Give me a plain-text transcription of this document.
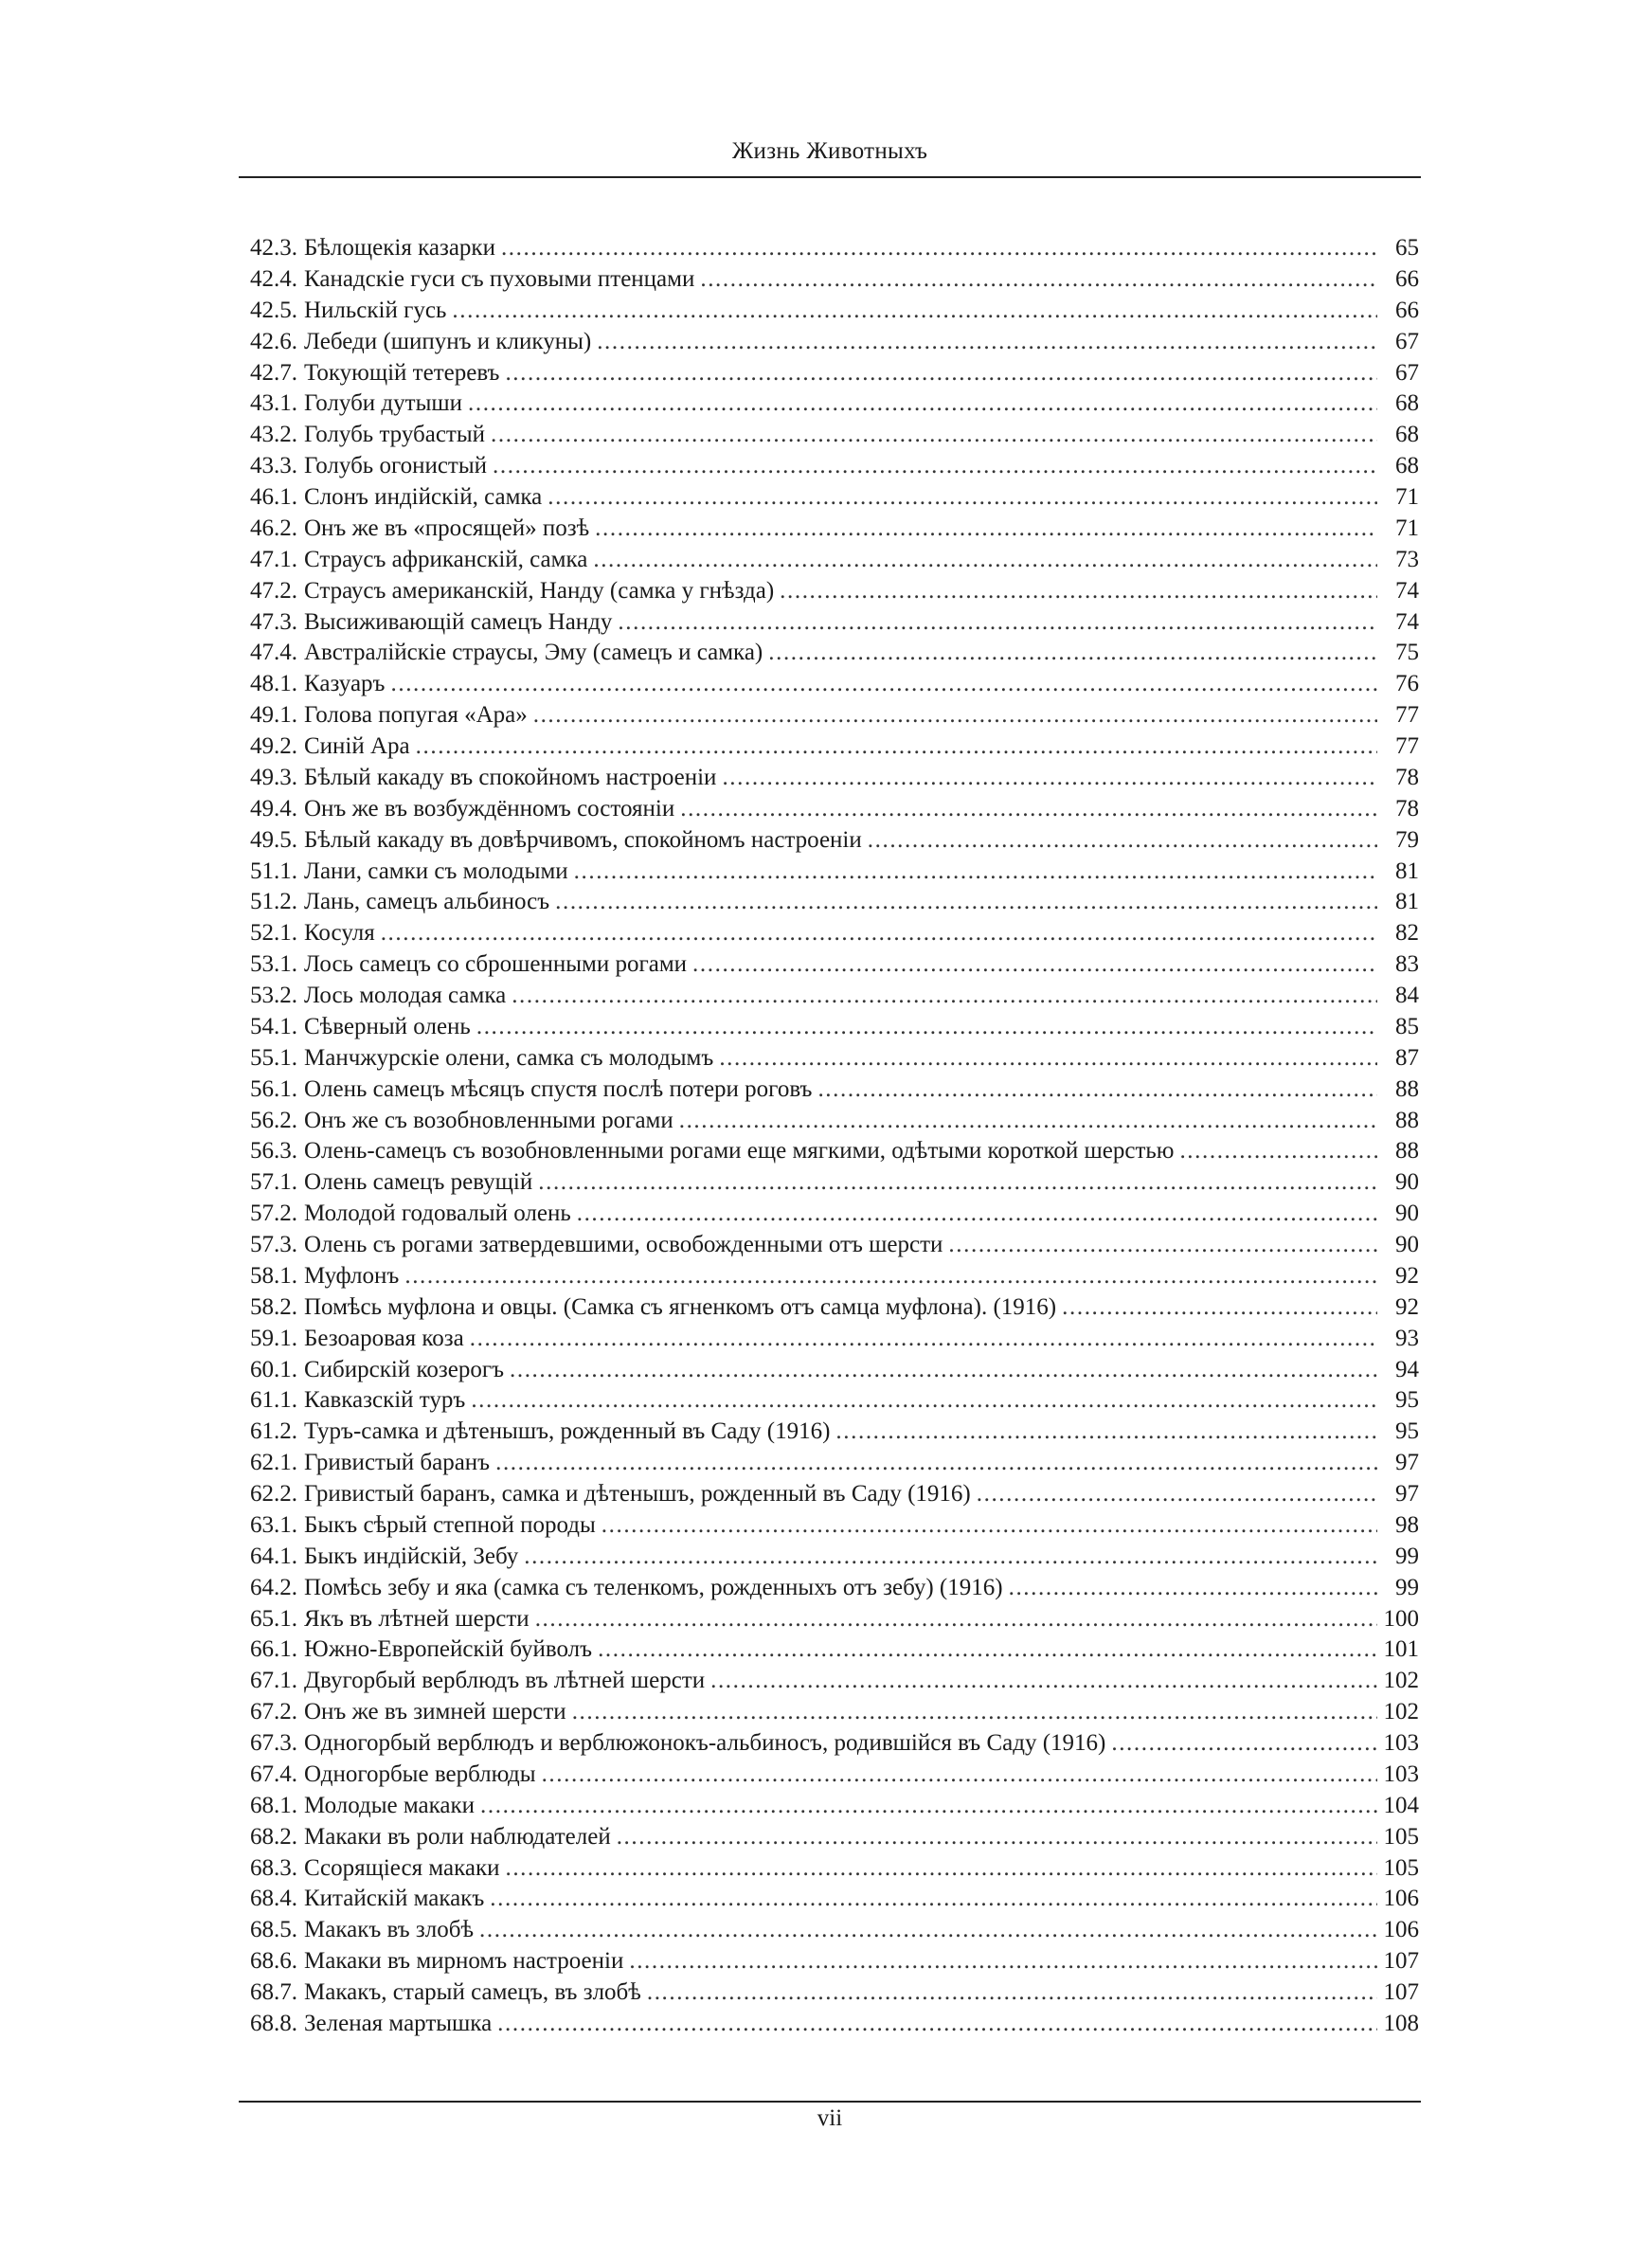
Жизнь Животныхъ
42.3. Бѣлощекія казарки .....	65
42.4. Канадскіе гуси съ пуховыми птенцами .....	66
42.5. Нильскій гусь .....	66
42.6. Лебеди (шипунъ и кликуны) .....	67
42.7. Токующій тетеревъ .....	67
43.1. Голуби дутыши .....	68
43.2. Голубь трубастый .....	68
43.3. Голубь огонистый .....	68
46.1. Слонъ индійскій, самка .....	71
46.2. Онъ же въ «просящей» позѣ .....	71
47.1. Страусъ африканскій, самка .....	73
47.2. Страусъ американскій, Нанду (самка у гнѣзда) .....	74
47.3. Высиживающій самецъ Нанду .....	74
47.4. Австралійскіе страусы, Эму (самецъ и самка) .....	75
48.1. Казуаръ .....	76
49.1. Голова попугая «Ара» .....	77
49.2. Синій Ара .....	77
49.3. Бѣлый какаду въ спокойномъ настроеніи .....	78
49.4. Онъ же въ возбуждённомъ состояніи .....	78
49.5. Бѣлый какаду въ довѣрчивомъ, спокойномъ настроеніи .....	79
51.1. Лани, самки съ молодыми .....	81
51.2. Лань, самецъ альбиносъ .....	81
52.1. Косуля .....	82
53.1. Лось самецъ со сброшенными рогами .....	83
53.2. Лось молодая самка .....	84
54.1. Сѣверный олень .....	85
55.1. Манчжурскіе олени, самка съ молодымъ .....	87
56.1. Олень самецъ мѣсяцъ спустя послѣ потери роговъ .....	88
56.2. Онъ же съ возобновленными рогами .....	88
56.3. Олень-самецъ съ возобновленными рогами еще мягкими, одѣтыми короткой шерстью .....	88
57.1. Олень самецъ ревущій .....	90
57.2. Молодой годовалый олень .....	90
57.3. Олень съ рогами затвердевшими, освобожденными отъ шерсти .....	90
58.1. Муфлонъ .....	92
58.2. Помѣсь муфлона и овцы. (Самка съ ягненкомъ отъ самца муфлона). (1916) .....	92
59.1. Безоаровая коза .....	93
60.1. Сибирскій козерогъ .....	94
61.1. Кавказскій туръ .....	95
61.2. Туръ-самка и дѣтенышъ, рожденный въ Саду (1916) .....	95
62.1. Гривистый баранъ .....	97
62.2. Гривистый баранъ, самка и дѣтенышъ, рожденный въ Саду (1916) .....	97
63.1. Быкъ сѣрый степной породы .....	98
64.1. Быкъ индійскій, Зебу .....	99
64.2. Помѣсь зебу и яка (самка съ теленкомъ, рожденныхъ отъ зебу) (1916) .....	99
65.1. Якъ въ лѣтней шерсти .....	100
66.1. Южно-Европейскій буйволъ .....	101
67.1. Двугорбый верблюдъ въ лѣтней шерсти .....	102
67.2. Онъ же въ зимней шерсти .....	102
67.3. Одногорбый верблюдъ и верблюжонокъ-альбиносъ, родившійся въ Саду (1916) .....	103
67.4. Одногорбые верблюды .....	103
68.1. Молодые макаки .....	104
68.2. Макаки въ роли наблюдателей .....	105
68.3. Ссорящіеся макаки .....	105
68.4. Китайскій макакъ .....	106
68.5. Макакъ въ злобѣ .....	106
68.6. Макаки въ мирномъ настроеніи .....	107
68.7. Макакъ, старый самецъ, въ злобѣ .....	107
68.8. Зеленая мартышка .....	108
vii
